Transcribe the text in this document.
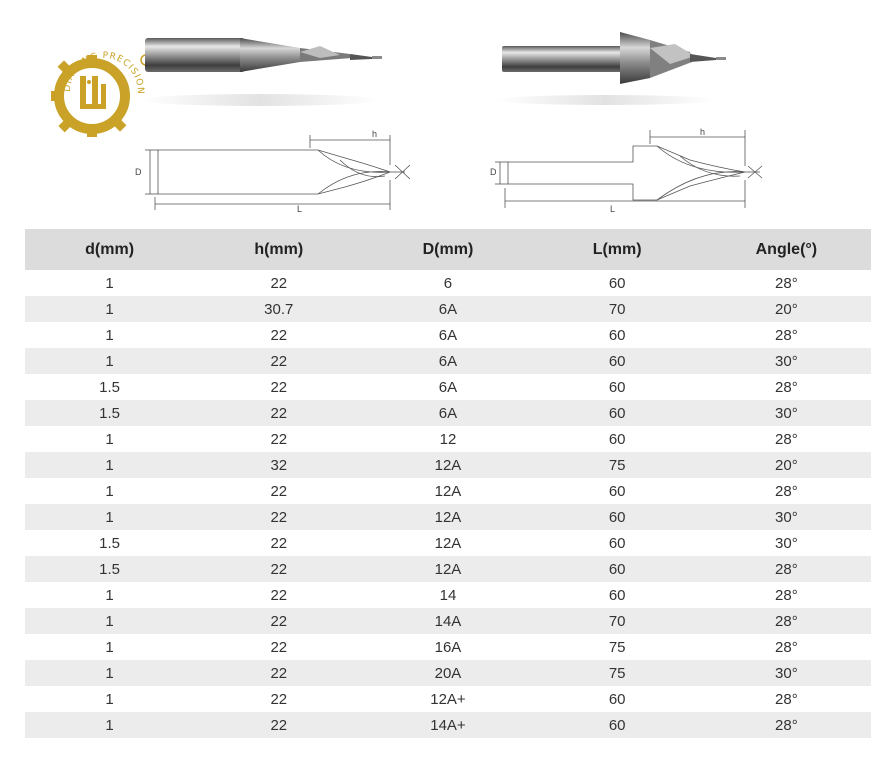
DIA LING PRECISION
h
D
L
h
D
L
d(mm)	h(mm)	D(mm)	L(mm)	Angle(°)
1	22	6	60	28°
1	30.7	6A	70	20°
1	22	6A	60	28°
1	22	6A	60	30°
1.5	22	6A	60	28°
1.5	22	6A	60	30°
1	22	12	60	28°
1	32	12A	75	20°
1	22	12A	60	28°
1	22	12A	60	30°
1.5	22	12A	60	30°
1.5	22	12A	60	28°
1	22	14	60	28°
1	22	14A	70	28°
1	22	16A	75	28°
1	22	20A	75	30°
1	22	12A+	60	28°
1	22	14A+	60	28°
